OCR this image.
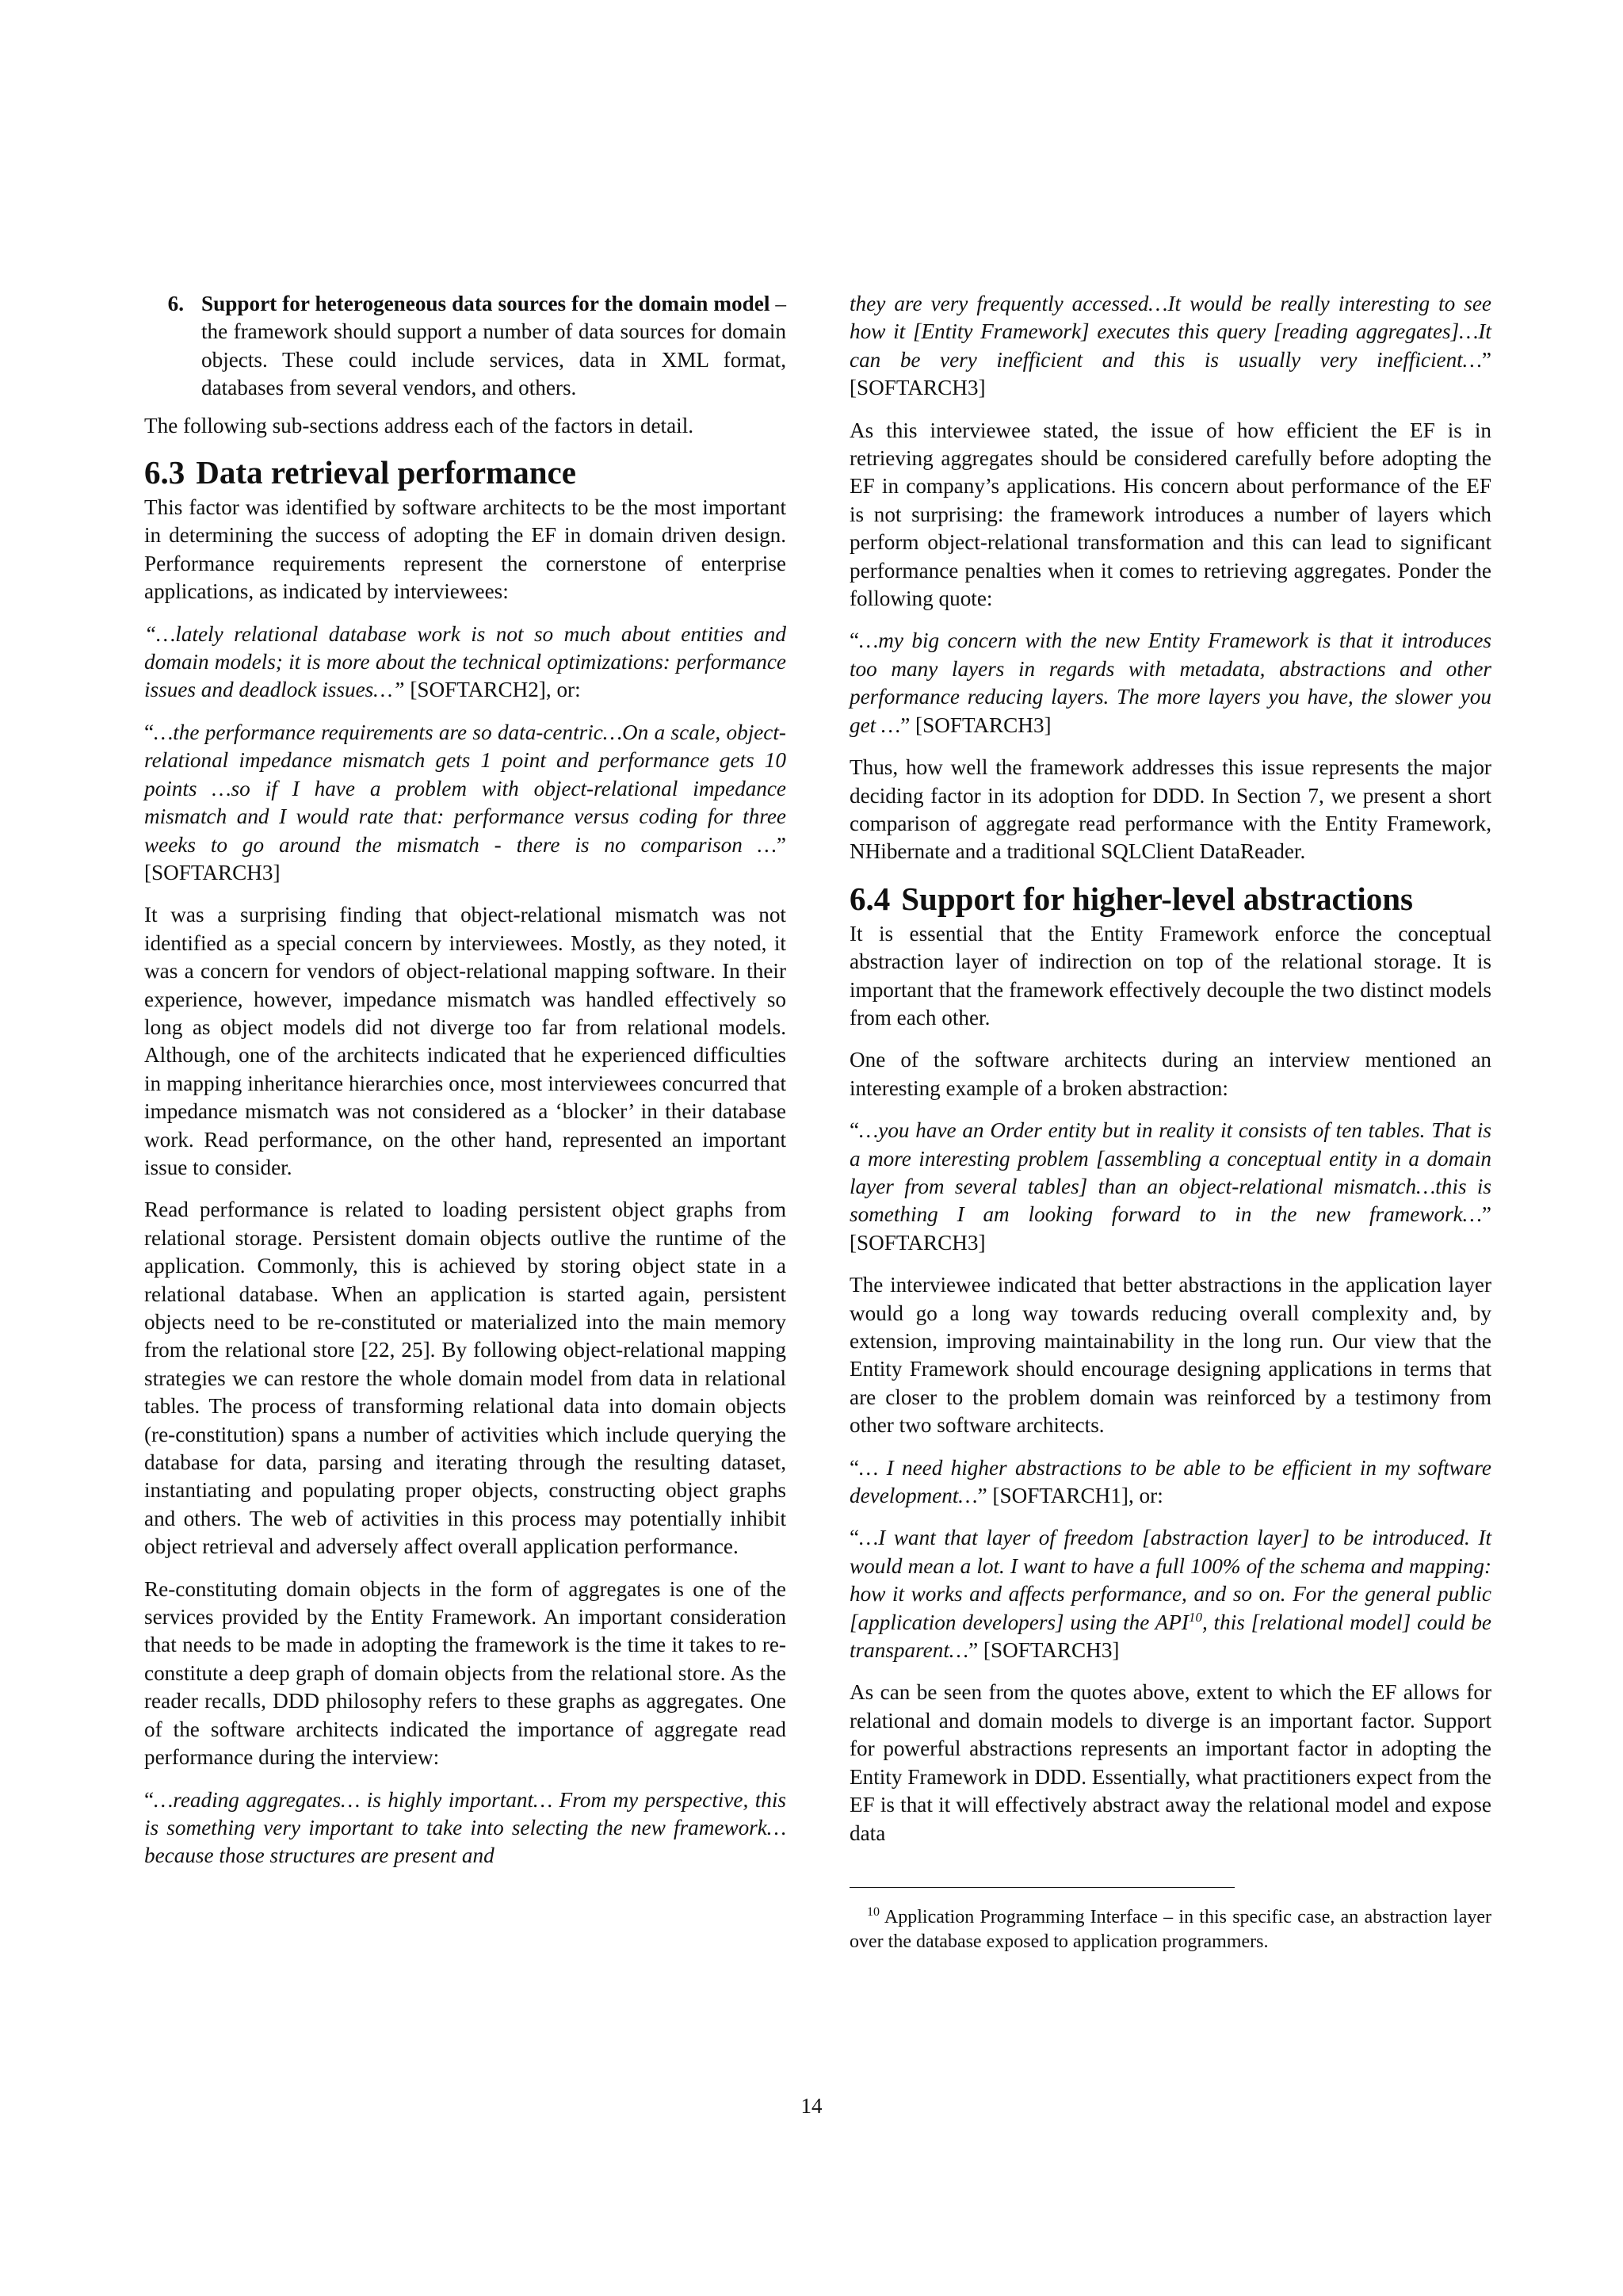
6. Support for heterogeneous data sources for the domain model – the framework should support a number of data sources for domain objects. These could include services, data in XML format, databases from several vendors, and others.

The following sub-sections address each of the factors in detail.

6.3 Data retrieval performance

This factor was identified by software architects to be the most important in determining the success of adopting the EF in domain driven design. Performance requirements represent the cornerstone of enterprise applications, as indicated by interviewees:

“…lately relational database work is not so much about entities and domain models; it is more about the technical optimizations: performance issues and deadlock issues…” [SOFTARCH2], or:
“…the performance requirements are so data-centric…On a scale, object-relational impedance mismatch gets 1 point and performance gets 10 points …so if I have a problem with object-relational impedance mismatch and I would rate that: performance versus coding for three weeks to go around the mismatch - there is no comparison …” [SOFTARCH3]

It was a surprising finding that object-relational mismatch was not identified as a special concern by interviewees. Mostly, as they noted, it was a concern for vendors of object-relational mapping software. In their experience, however, impedance mismatch was handled effectively so long as object models did not diverge too far from relational models. Although, one of the architects indicated that he experienced difficulties in mapping inheritance hierarchies once, most interviewees concurred that impedance mismatch was not considered as a ‘blocker’ in their database work. Read performance, on the other hand, represented an important issue to consider.

Read performance is related to loading persistent object graphs from relational storage. Persistent domain objects outlive the runtime of the application. Commonly, this is achieved by storing object state in a relational database. When an application is started again, persistent objects need to be re-constituted or materialized into the main memory from the relational store [22, 25]. By following object-relational mapping strategies we can restore the whole domain model from data in relational tables. The process of transforming relational data into domain objects (re-constitution) spans a number of activities which include querying the database for data, parsing and iterating through the resulting dataset, instantiating and populating proper objects, constructing object graphs and others. The web of activities in this process may potentially inhibit object retrieval and adversely affect overall application performance.

Re-constituting domain objects in the form of aggregates is one of the services provided by the Entity Framework. An important consideration that needs to be made in adopting the framework is the time it takes to re-constitute a deep graph of domain objects from the relational store. As the reader recalls, DDD philosophy refers to these graphs as aggregates. One of the software architects indicated the importance of aggregate read performance during the interview:

“…reading aggregates… is highly important… From my perspective, this is something very important to take into selecting the new framework…because those structures are present and
they are very frequently accessed…It would be really interesting to see how it [Entity Framework] executes this query [reading aggregates]…It can be very inefficient and this is usually very inefficient…” [SOFTARCH3]

As this interviewee stated, the issue of how efficient the EF is in retrieving aggregates should be considered carefully before adopting the EF in company’s applications. His concern about performance of the EF is not surprising: the framework introduces a number of layers which perform object-relational transformation and this can lead to significant performance penalties when it comes to retrieving aggregates. Ponder the following quote:

“…my big concern with the new Entity Framework is that it introduces too many layers in regards with metadata, abstractions and other performance reducing layers. The more layers you have, the slower you get …” [SOFTARCH3]

Thus, how well the framework addresses this issue represents the major deciding factor in its adoption for DDD. In Section 7, we present a short comparison of aggregate read performance with the Entity Framework, NHibernate and a traditional SQLClient DataReader.

6.4 Support for higher-level abstractions

It is essential that the Entity Framework enforce the conceptual abstraction layer of indirection on top of the relational storage. It is important that the framework effectively decouple the two distinct models from each other.

One of the software architects during an interview mentioned an interesting example of a broken abstraction:

“…you have an Order entity but in reality it consists of ten tables. That is a more interesting problem [assembling a conceptual entity in a domain layer from several tables] than an object-relational mismatch…this is something I am looking forward to in the new framework…” [SOFTARCH3]

The interviewee indicated that better abstractions in the application layer would go a long way towards reducing overall complexity and, by extension, improving maintainability in the long run. Our view that the Entity Framework should encourage designing applications in terms that are closer to the problem domain was reinforced by a testimony from other two software architects.

“… I need higher abstractions to be able to be efficient in my software development…” [SOFTARCH1], or:
“…I want that layer of freedom [abstraction layer] to be introduced. It would mean a lot. I want to have a full 100% of the schema and mapping: how it works and affects performance, and so on. For the general public [application developers] using the API$^{10}$, this [relational model] could be transparent…” [SOFTARCH3]

As can be seen from the quotes above, extent to which the EF allows for relational and domain models to diverge is an important factor. Support for powerful abstractions represents an important factor in adopting the Entity Framework in DDD. Essentially, what practitioners expect from the EF is that it will effectively abstract away the relational model and expose data

$^{10}$ Application Programming Interface – in this specific case, an abstraction layer over the database exposed to application programmers.
14
